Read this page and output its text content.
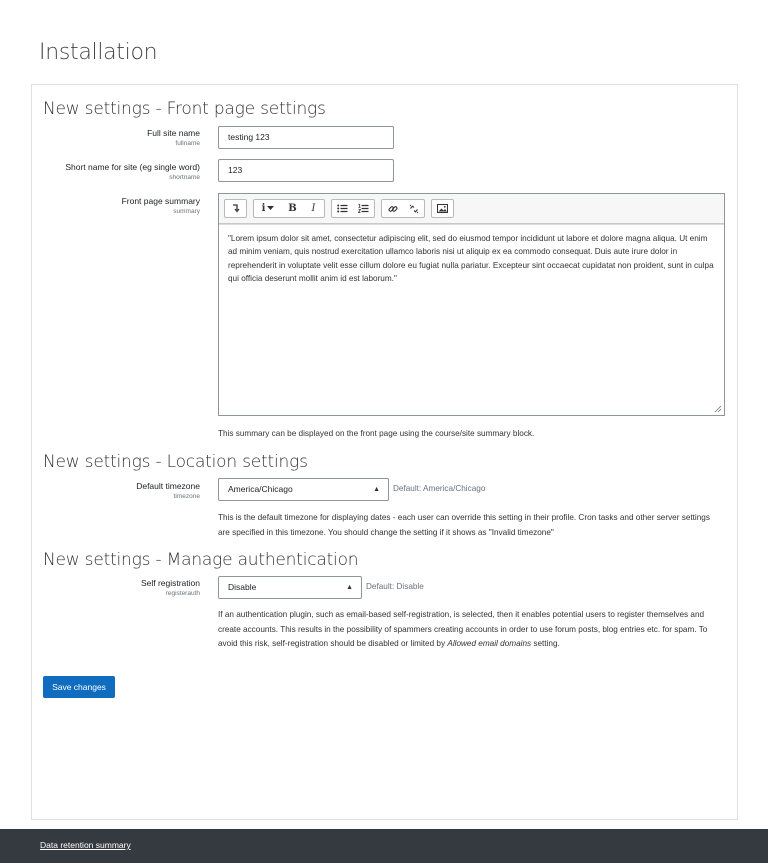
Installation
New settings - Front page settings
Full site name
fullname
testing 123
Short name for site (eg single word)
shortname
123
Front page summary
summary	i	B	I
"Lorem ipsum dolor sit amet, consectetur adipiscing elit, sed do eiusmod tempor incididunt ut labore et dolore magna aliqua. Ut enim ad minim veniam, quis nostrud exercitation ullamco laboris nisi ut aliquip ex ea commodo consequat. Duis aute irure dolor in reprehenderit in voluptate velit esse cillum dolore eu fugiat nulla pariatur. Excepteur sint occaecat cupidatat non proident, sunt in culpa qui officia deserunt mollit anim id est laborum."
This summary can be displayed on the front page using the course/site summary block.
New settings - Location settings
Default timezone
timezone
America/Chicago	▲︎ Default: America/Chicago
This is the default timezone for displaying dates - each user can override this setting in their profile. Cron tasks and other server settings are specified in this timezone. You should change the setting if it shows as "Invalid timezone"
New settings - Manage authentication
Self registration
registerauth
Disable	▲︎ Default: Disable
If an authentication plugin, such as email-based self-registration, is selected, then it enables potential users to register themselves and create accounts. This results in the possibility of spammers creating accounts in order to use forum posts, blog entries etc. for spam. To avoid this risk, self-registration should be disabled or limited by Allowed email domains setting.
Save changes
Data retention summary
